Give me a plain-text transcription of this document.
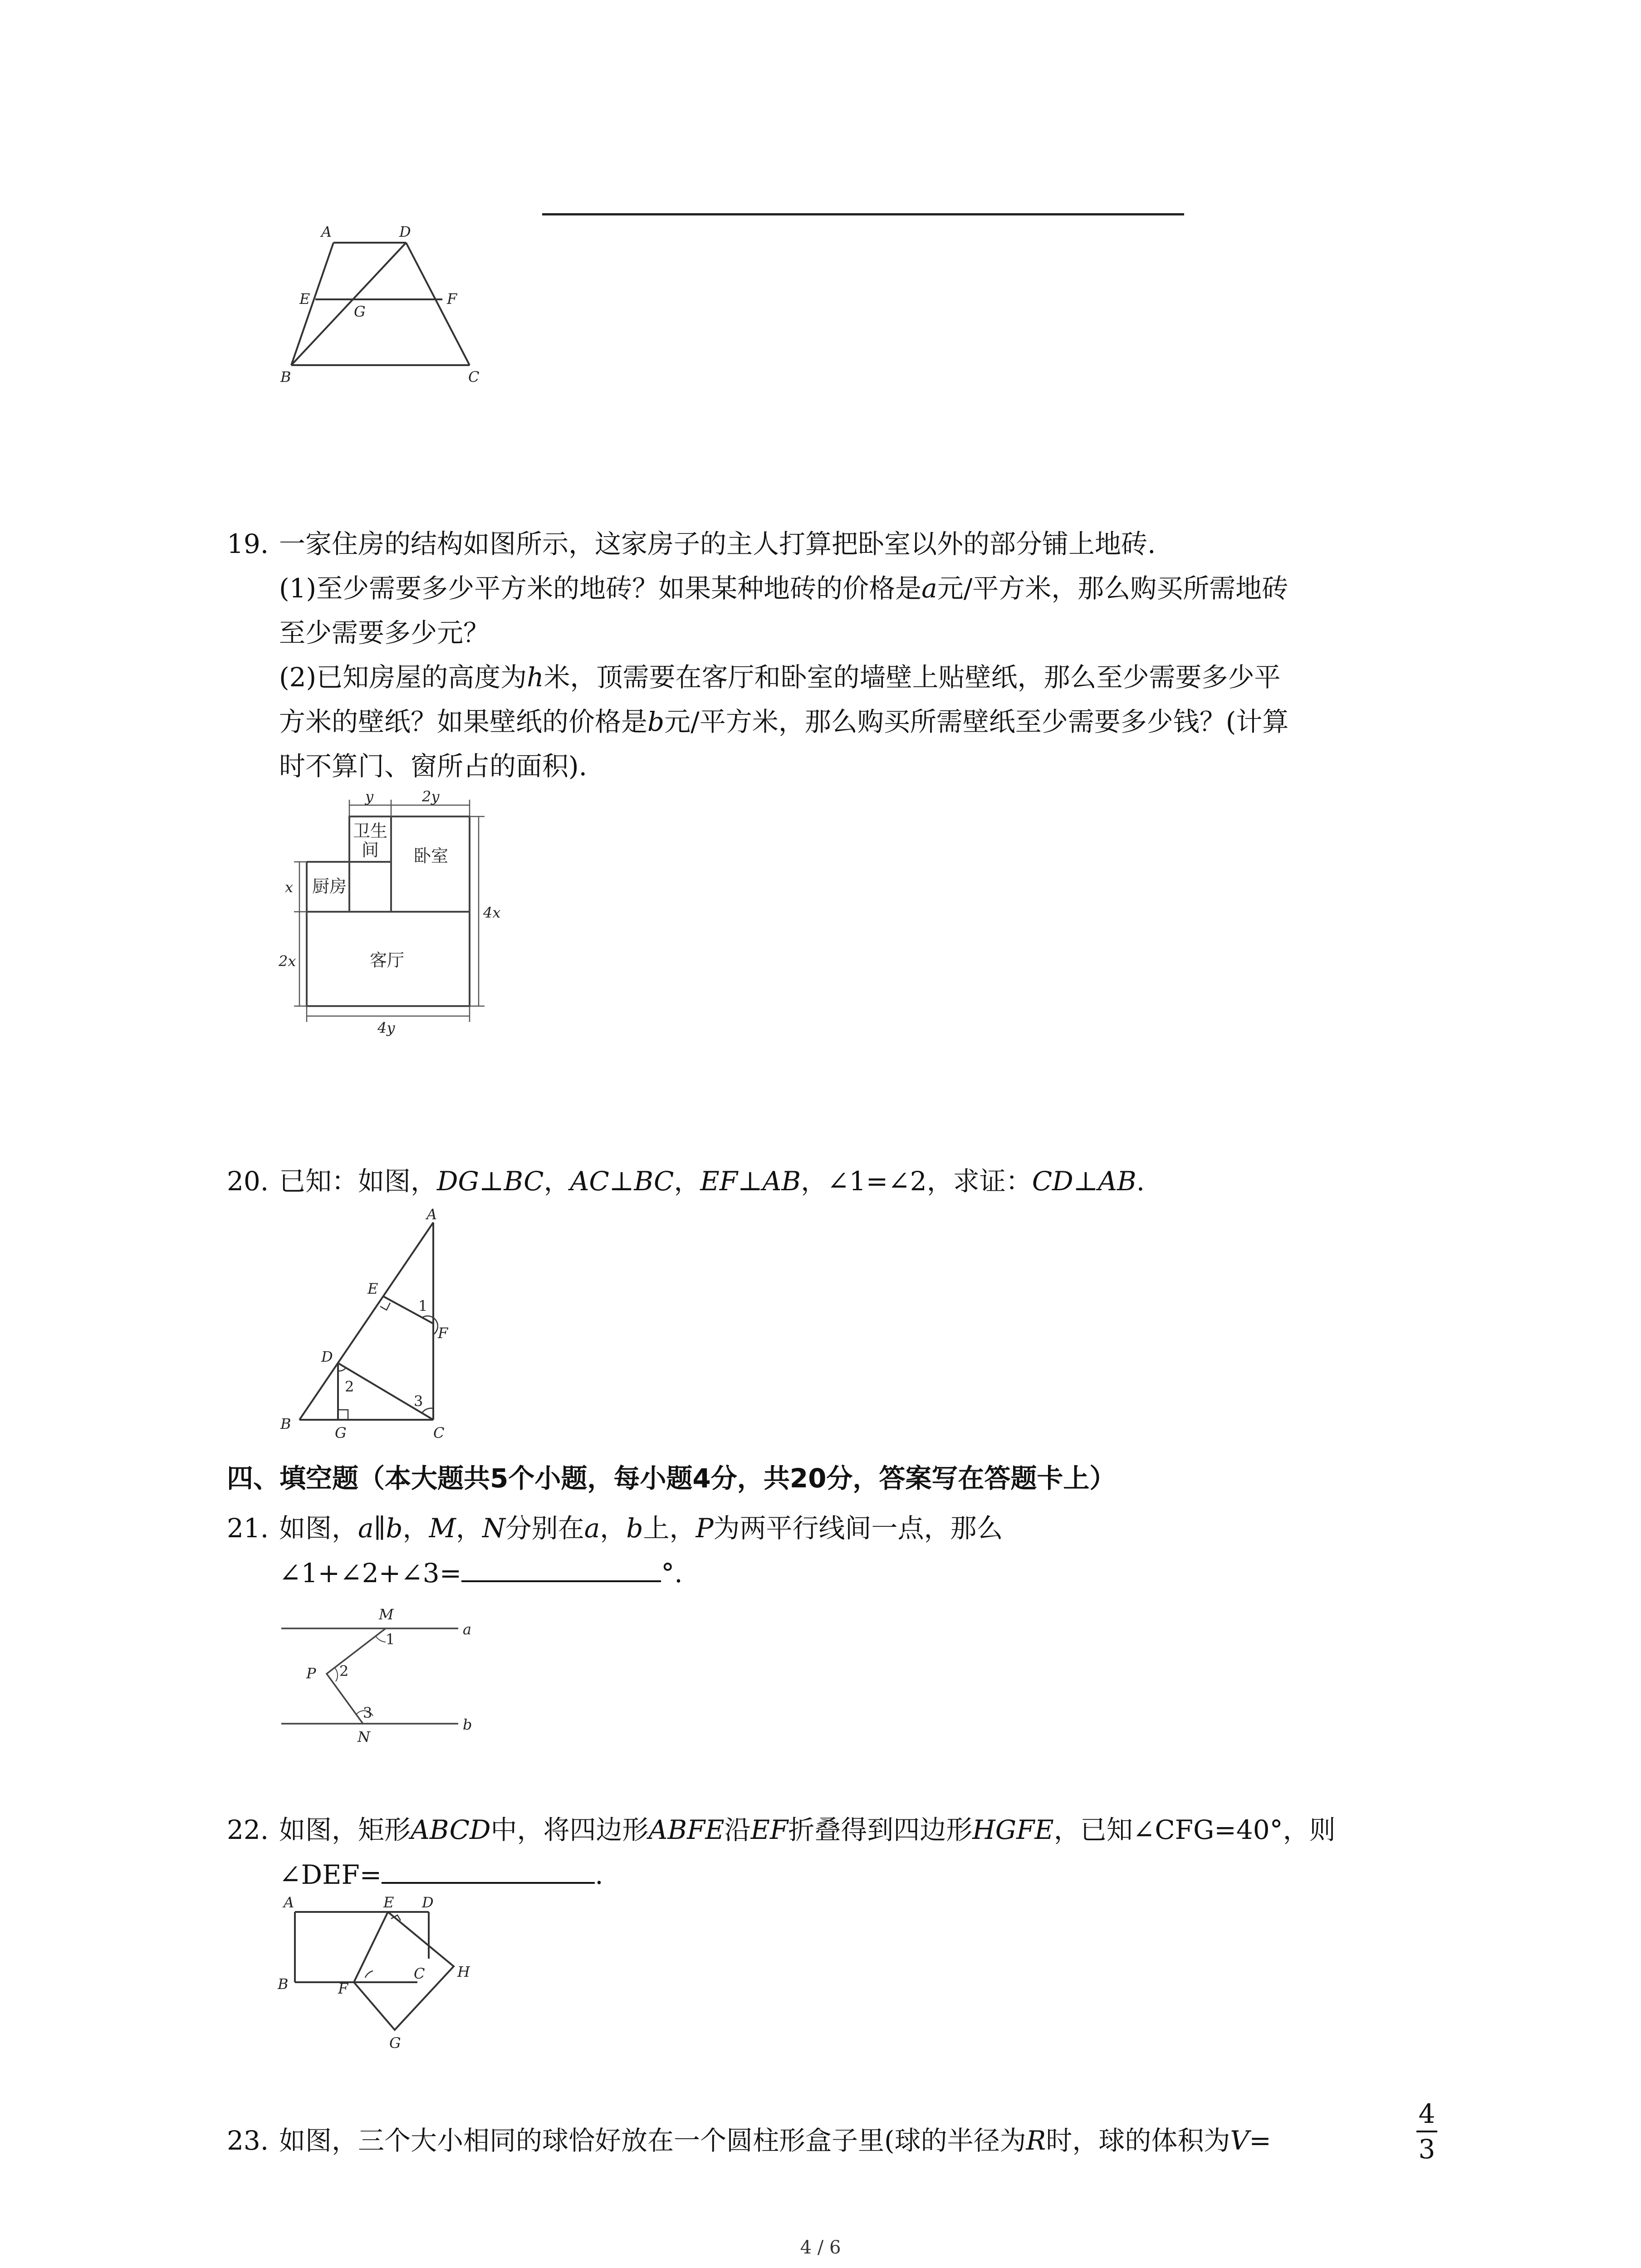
A	D
E
G
F
B	C
19. 一家住房的结构如图所示，这家房子的主人打算把卧室以外的部分铺上地砖.
(1)至少需要多少平方米的地砖？如果某种地砖的价格是a元/平方米，那么购买所需地砖
至少需要多少元？
(2)已知房屋的高度为h米，顶需要在客厅和卧室的墙壁上贴壁纸，那么至少需要多少平
方米的壁纸？如果壁纸的价格是b元/平方米，那么购买所需壁纸至少需要多少钱？(计算
时不算门、窗所占的面积).
y	2y
x
2x
4x
4y
卫生
间 卧室
厨房
客厅
20. 已知：如图，DG⊥BC，AC⊥BC，EF⊥AB，∠1=∠2，求证：CD⊥AB.
A
E
1
F
D
2
3
B
G	C
四、填空题（本大题共5个小题，每小题4分，共20分，答案写在答题卡上）
21. 如图，a∥b，M，N分别在a，b上，P为两平行线间一点，那么
∠1+∠2+∠3=	°.
M
a
1
P 2
3
N
b
22. 如图，矩形ABCD中，将四边形ABFE沿EF折叠得到四边形HGFE，已知∠CFG=40°，则
∠DEF=	.
A	E D
B	F
C H
G
23. 如图，三个大小相同的球恰好放在一个圆柱形盒子里(球的半径为R时，球的体积为V=
4
3
4 / 6
